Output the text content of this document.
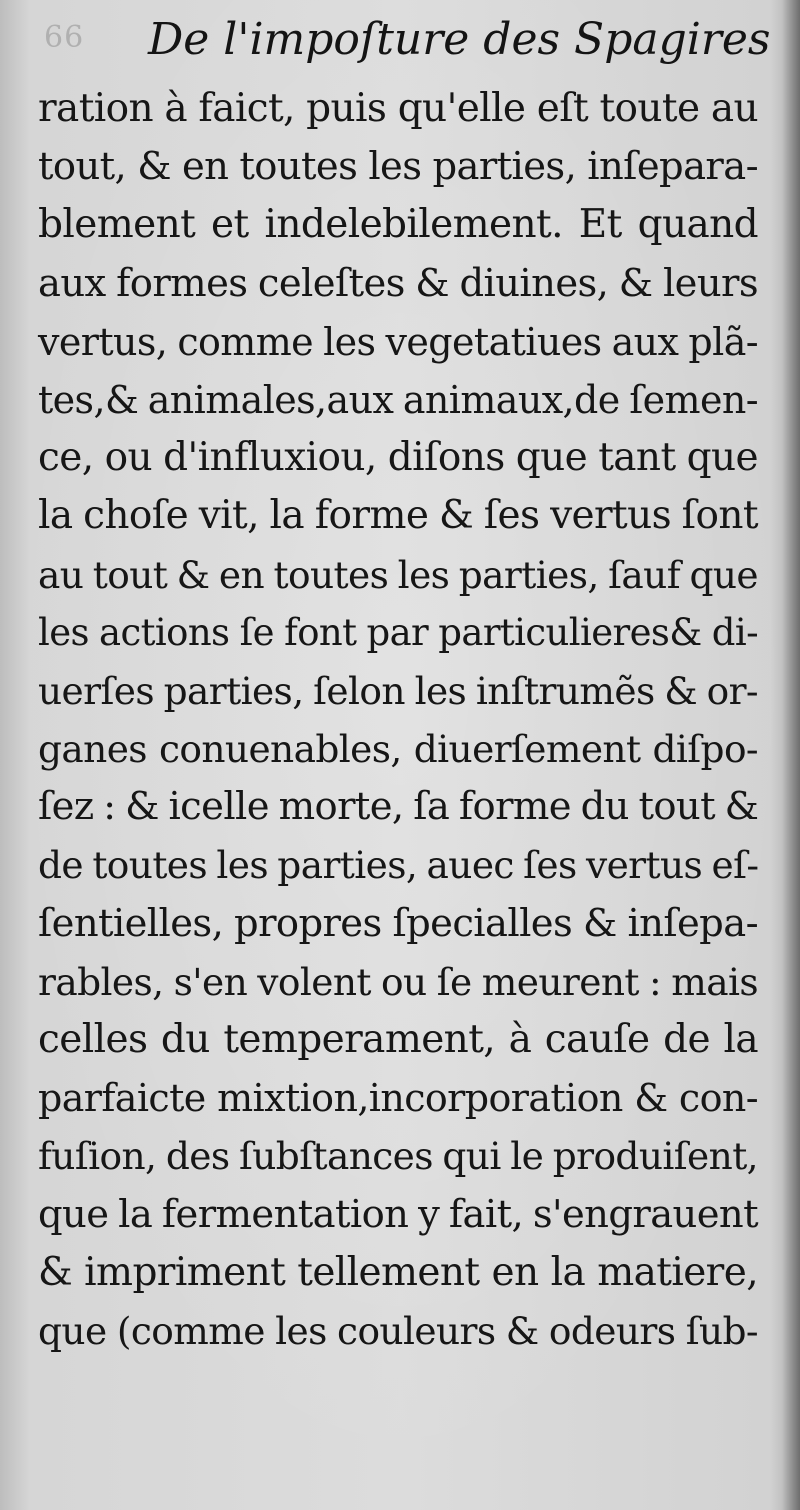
66 De l'impoſture des Spagires
ration à faict, puis qu'elle eſt toute au
tout, & en toutes les parties, inſepara-
blement et indelebilement. Et quand
aux formes celeſtes & diuines, & leurs
vertus, comme les vegetatiues aux plã-
tes,& animales,aux animaux,de ſemen-
ce, ou d'influxiou, diſons que tant que
la choſe vit, la forme & ſes vertus ſont
au tout & en toutes les parties, ſauf que
les actions ſe font par particulieres& di-
uerſes parties, ſelon les inſtrumẽs & or-
ganes conuenables, diuerſement diſpo-
ſez : & icelle morte, ſa forme du tout &
de toutes les parties, auec ſes vertus eſ-
ſentielles, propres ſpecialles & inſepa-
rables, s'en volent ou ſe meurent : mais
celles du temperament, à cauſe de la
parfaicte mixtion,incorporation & con-
fuſion, des ſubſtances qui le produiſent,
que la fermentation y fait, s'engrauent
& impriment tellement en la matiere,
que (comme les couleurs & odeurs ſub-
